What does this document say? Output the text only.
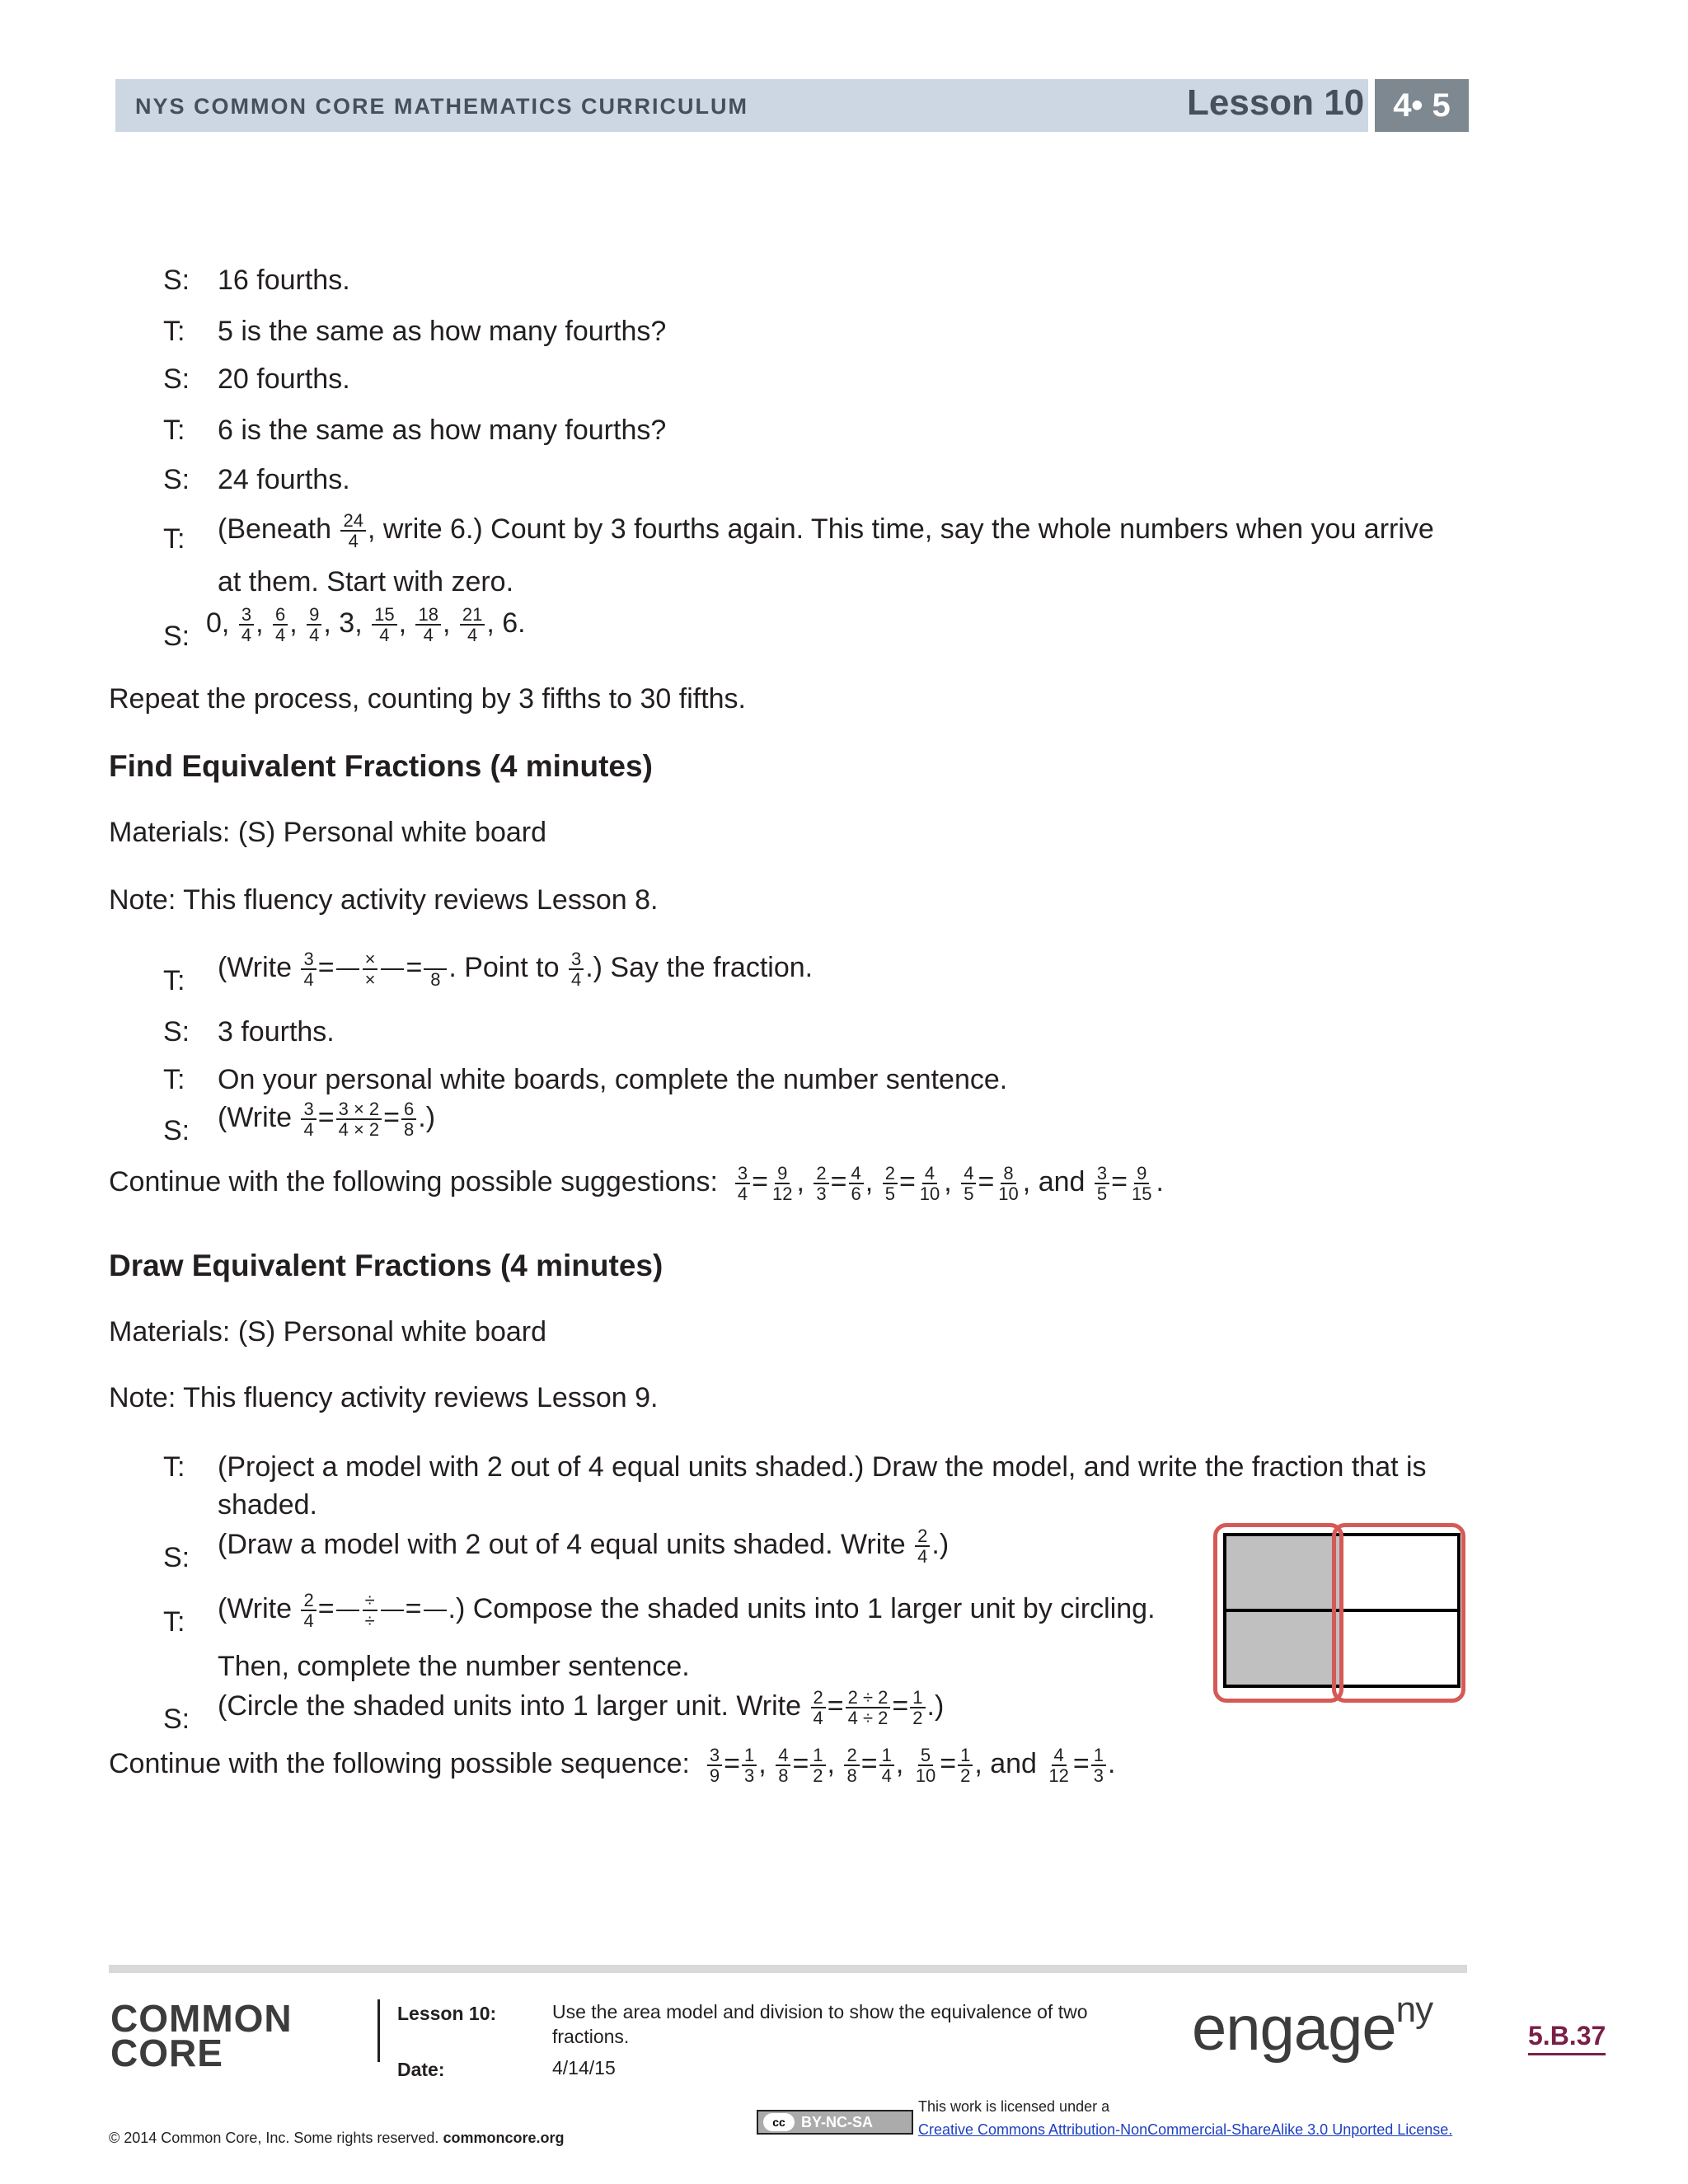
NYS COMMON CORE MATHEMATICS CURRICULUM	Lesson 10 4• 5
S: 16 fourths.
T: 5 is the same as how many fourths?
S: 20 fourths.
T: 6 is the same as how many fourths?
S: 24 fourths.
T: (Beneath $\frac{24}{4}$ , write 6.) Count by 3 fourths again. This time, say the whole numbers when you arrive
at them. Start with zero.
S: 0, $\frac{3}{4}$ , $\frac{6}{4}$ , $\frac{9}{4}$ , 3, $\frac{15}{4}$ , $\frac{18}{4}$ , $\frac{21}{4}$ , 6.
Repeat the process, counting by 3 fifths to 30 fifths.
Find Equivalent Fractions (4 minutes)
Materials: (S) Personal white board
Note: This fluency activity reviews Lesson 8.
T: (Write $\frac{3}{4}$ =

$\frac{\times}{\times}$

=
8 . Point to $\frac{3}{4}$ .) Say the fraction.
S: 3 fourths.
T: On your personal white boards, complete the number sentence.
S: (Write $\frac{3}{4} = \frac{3 \times 2}{4 \times 2} = \frac{6}{8}$ .)
Continue with the following possible suggestions: $\frac{3}{4} = \frac{9}{12}$ , $\frac{2}{3} = \frac{4}{6}$ , $\frac{2}{5} = \frac{4}{10}$ , $\frac{4}{5} = \frac{8}{10}$ , and $\frac{3}{5} = \frac{9}{15}$ .
Draw Equivalent Fractions (4 minutes)
Materials: (S) Personal white board
Note: This fluency activity reviews Lesson 9.
T: (Project a model with 2 out of 4 equal units shaded.) Draw the model, and write the fraction that is
shaded.
S: (Draw a model with 2 out of 4 equal units shaded. Write $\frac{2}{4}$ .)
T: (Write $\frac{2}{4}$ =

$\frac{\div}{\div}$

=

.) Compose the shaded units into 1 larger unit by circling.
Then, complete the number sentence.
S: (Circle the shaded units into 1 larger unit. Write $\frac{2}{4} = \frac{2 \div 2}{4 \div 2} = \frac{1}{2}$ .)
Continue with the following possible sequence: $\frac{3}{9} = \frac{1}{3}$ , $\frac{4}{8} = \frac{1}{2}$ , $\frac{2}{8} = \frac{1}{4}$ , $\frac{5}{10} = \frac{1}{2}$ , and $\frac{4}{12} = \frac{1}{3}$ .
COMMON CORE
Lesson 10:	Use the area model and division to show the equivalence of two fractions.
Date:	4/14/15
engage$^{ny}$
5.B.37
© 2014 Common Core, Inc. Some rights reserved. commoncore.org
cc	BY-NC-SA
This work is licensed under a
Creative Commons Attribution-NonCommercial-ShareAlike 3.0 Unported License.
